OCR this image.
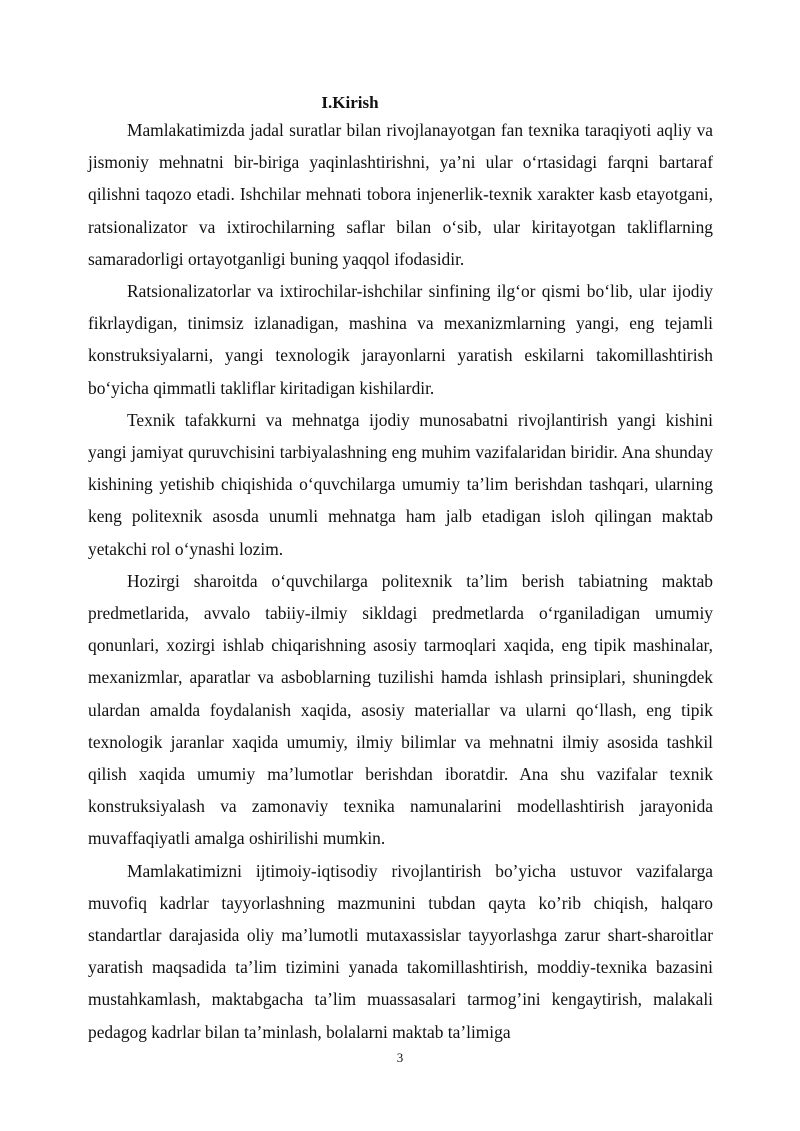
I.Kirish

Mamlakatimizda jadal suratlar bilan rivojlanayotgan fan texnika taraqiyoti aqliy va jismoniy mehnatni bir-biriga yaqinlashtirishni, ya’ni ular o‘rtasidagi farqni bartaraf qilishni taqozo etadi. Ishchilar mehnati tobora injenerlik-texnik xarakter kasb etayotgani, ratsionalizator va ixtirochilarning saflar bilan o‘sib, ular kiritayotgan takliflarning samaradorligi ortayotganligi buning yaqqol ifodasidir.

Ratsionalizatorlar va ixtirochilar-ishchilar sinfining ilg‘or qismi bo‘lib, ular ijodiy fikrlaydigan, tinimsiz izlanadigan, mashina va mexanizmlarning yangi, eng tejamli konstruksiyalarni, yangi texnologik jarayonlarni yaratish eskilarni takomillashtirish bo‘yicha qimmatli takliflar kiritadigan kishilardir.

Texnik tafakkurni va mehnatga ijodiy munosabatni rivojlantirish yangi kishini yangi jamiyat quruvchisini tarbiyalashning eng muhim vazifalaridan biridir. Ana shunday kishining yetishib chiqishida o‘quvchilarga umumiy ta’lim berishdan tashqari, ularning keng politexnik asosda unumli mehnatga ham jalb etadigan isloh qilingan maktab yetakchi rol o‘ynashi lozim.

Hozirgi sharoitda o‘quvchilarga politexnik ta’lim berish tabiatning maktab predmetlarida, avvalo tabiiy-ilmiy sikldagi predmetlarda o‘rganiladigan umumiy qonunlari, xozirgi ishlab chiqarishning asosiy tarmoqlari xaqida, eng tipik mashinalar, mexanizmlar, aparatlar va asboblarning tuzilishi hamda ishlash prinsiplari, shuningdek ulardan amalda foydalanish xaqida, asosiy materiallar va ularni qo‘llash, eng tipik texnologik jaranlar xaqida umumiy, ilmiy bilimlar va mehnatni ilmiy asosida tashkil qilish xaqida umumiy ma’lumotlar berishdan iboratdir. Ana shu vazifalar texnik konstruksiyalash va zamonaviy texnika namunalarini modellashtirish jarayonida muvaffaqiyatli amalga oshirilishi mumkin.

Mamlakatimizni ijtimoiy-iqtisodiy rivojlantirish bo’yicha ustuvor vazifalarga muvofiq kadrlar tayyorlashning mazmunini tubdan qayta ko’rib chiqish, halqaro standartlar darajasida oliy ma’lumotli mutaxassislar tayyorlashga zarur shart-sharoitlar yaratish maqsadida ta’lim tizimini yanada takomillashtirish, moddiy-texnika bazasini mustahkamlash, maktabgacha ta’lim muassasalari tarmog’ini kengaytirish, malakali pedagog kadrlar bilan ta’minlash, bolalarni maktab ta’limiga

3
